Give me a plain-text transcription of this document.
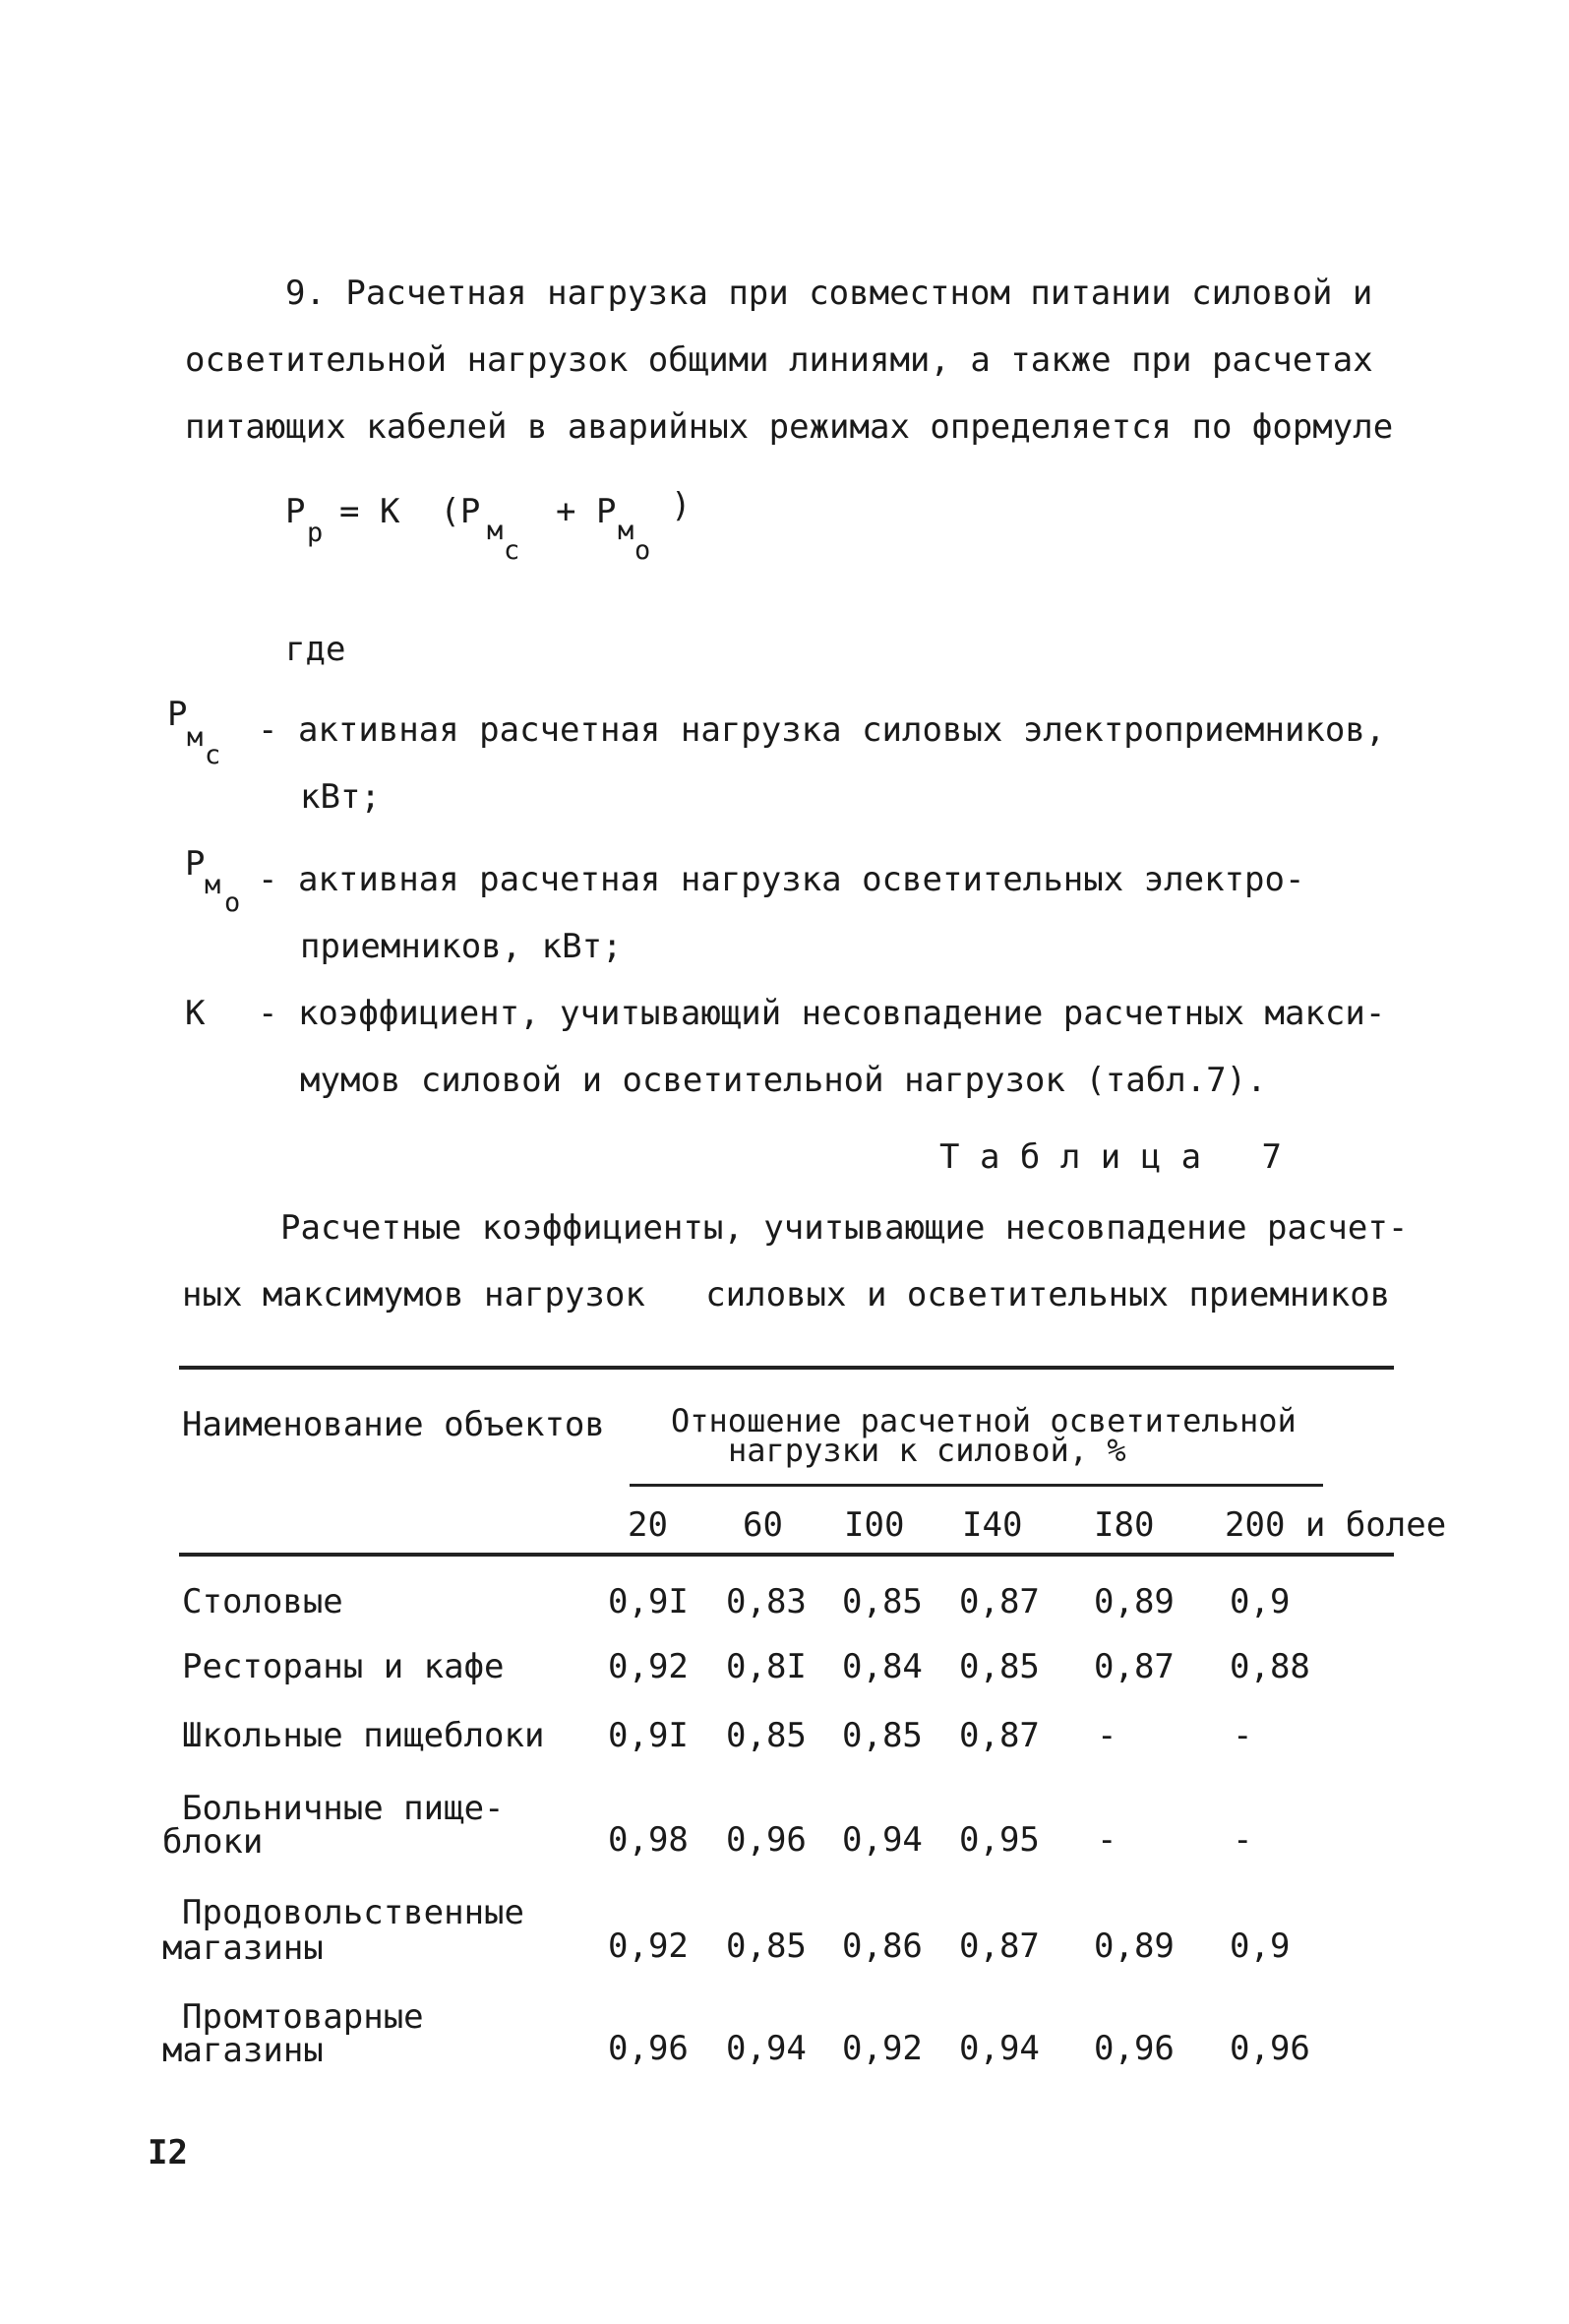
9. Расчетная нагрузка при совместном питании силовой и
осветительной нагрузок общими линиями, а также при расчетах
питающих кабелей в аварийных режимах определяется по формуле
P
p
= K  (P м
c
+ P м
o
)
где
P
м
c
- активная расчетная нагрузка силовых электроприемников,
кВт;
P
м
о
- активная расчетная нагрузка осветительных электро-
приемников, кВт;
K - коэффициент, учитывающий несовпадение расчетных макси-
мумов силовой и осветительной нагрузок (табл.7).
Т а б л и ц а   7
Расчетные коэффициенты, учитывающие несовпадение расчет-
ных максимумов нагрузок   силовых и осветительных приемников
Наименование объектов Отношение расчетной осветительной
нагрузки к силовой, %
20 60 I00 I40 I80 200 и более
Столовые	0,9I 0,83 0,85 0,87 0,89 0,9
Рестораны и кафе	0,92 0,8I 0,84 0,85 0,87 0,88
Школьные пищеблоки 0,9I 0,85 0,85 0,87 -	-
Больничные пище-
блоки	0,98 0,96 0,94 0,95 -	-
Продовольственные
магазины	0,92 0,85 0,86 0,87 0,89 0,9
Промтоварные
магазины	0,96 0,94 0,92 0,94 0,96 0,96
I2
